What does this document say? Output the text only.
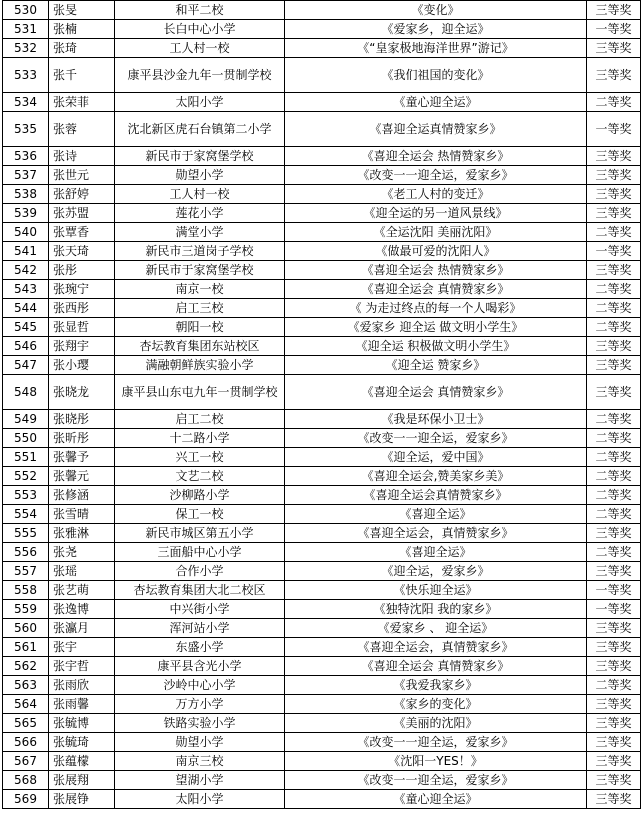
530	张旻	和平二校	《变化》	三等奖
531	张楠	长白中心小学	《爱家乡，迎全运》	一等奖
532	张琦	工人村一校	《“皇家极地海洋世界”游记》	三等奖
533	张千	康平县沙金九年一贯制学校	《我们祖国的变化》	三等奖
534	张荣菲	太阳小学	《童心迎全运》	二等奖
535	张蓉	沈北新区虎石台镇第二小学	《喜迎全运真情赞家乡》	一等奖
536	张诗	新民市于家窝堡学校	《喜迎全运会 热情赞家乡》	三等奖
537	张世元	勋望小学	《改变一一迎全运，爱家乡》	三等奖
538	张舒婷	工人村一校	《老工人村的变迁》	三等奖
539	张苏盟	莲花小学	《迎全运的另一道风景线》	三等奖
540	张覃香	满堂小学	《全运沈阳 美丽沈阳》	二等奖
541	张天琦	新民市三道岗子学校	《做最可爱的沈阳人》	一等奖
542	张彤	新民市于家窝堡学校	《喜迎全运会 热情赞家乡》	三等奖
543	张琬宁	南京一校	《喜迎全运会 真情赞家乡》	二等奖
544	张西彤	启工三校	《 为走过终点的每一个人喝彩》	二等奖
545	张显哲	朝阳一校	《爱家乡 迎全运 做文明小学生》	二等奖
546	张翔宇	杏坛教育集团东站校区	《迎全运 积极做文明小学生》	三等奖
547	张小璎	满融朝鲜族实验小学	《迎全运 赞家乡》	三等奖
548	张晓龙	康平县山东屯九年一贯制学校	《喜迎全运会 真情赞家乡》	三等奖
549	张晓彤	启工二校	《我是环保小卫士》	二等奖
550	张昕彤	十二路小学	《改变一一迎全运，爱家乡》	二等奖
551	张馨予	兴工一校	《迎全运，爱中国》	二等奖
552	张馨元	文艺二校	《喜迎全运会,赞美家乡美》	二等奖
553	张修涵	沙柳路小学	《喜迎全运会真情赞家乡》	二等奖
554	张雪晴	保工一校	《喜迎全运》	二等奖
555	张雅淋	新民市城区第五小学	《喜迎全运会，真情赞家乡》	三等奖
556	张尧	三面船中心小学	《喜迎全运》	二等奖
557	张瑶	合作小学	《迎全运，爱家乡》	三等奖
558	张艺萌	杏坛教育集团大北二校区	《快乐迎全运》	一等奖
559	张逸博	中兴街小学	《独特沈阳 我的家乡》	一等奖
560	张瀛月	浑河站小学	《爱家乡 、 迎全运》	三等奖
561	张宇	东盛小学	《喜迎全运会，真情赞家乡》	三等奖
562	张宇哲	康平县含光小学	《喜迎全运会 真情赞家乡》	三等奖
563	张雨欣	沙岭中心小学	《我爱我家乡》	二等奖
564	张雨馨	万方小学	《家乡的变化》	三等奖
565	张毓博	铁路实验小学	《美丽的沈阳》	三等奖
566	张毓琦	勋望小学	《改变一一迎全运，爱家乡》	三等奖
567	张蕴檬	南京三校	《沈阳一YES！》	三等奖
568	张展翔	望湖小学	《改变一一迎全运，爱家乡》	三等奖
569	张展铮	太阳小学	《童心迎全运》	三等奖
